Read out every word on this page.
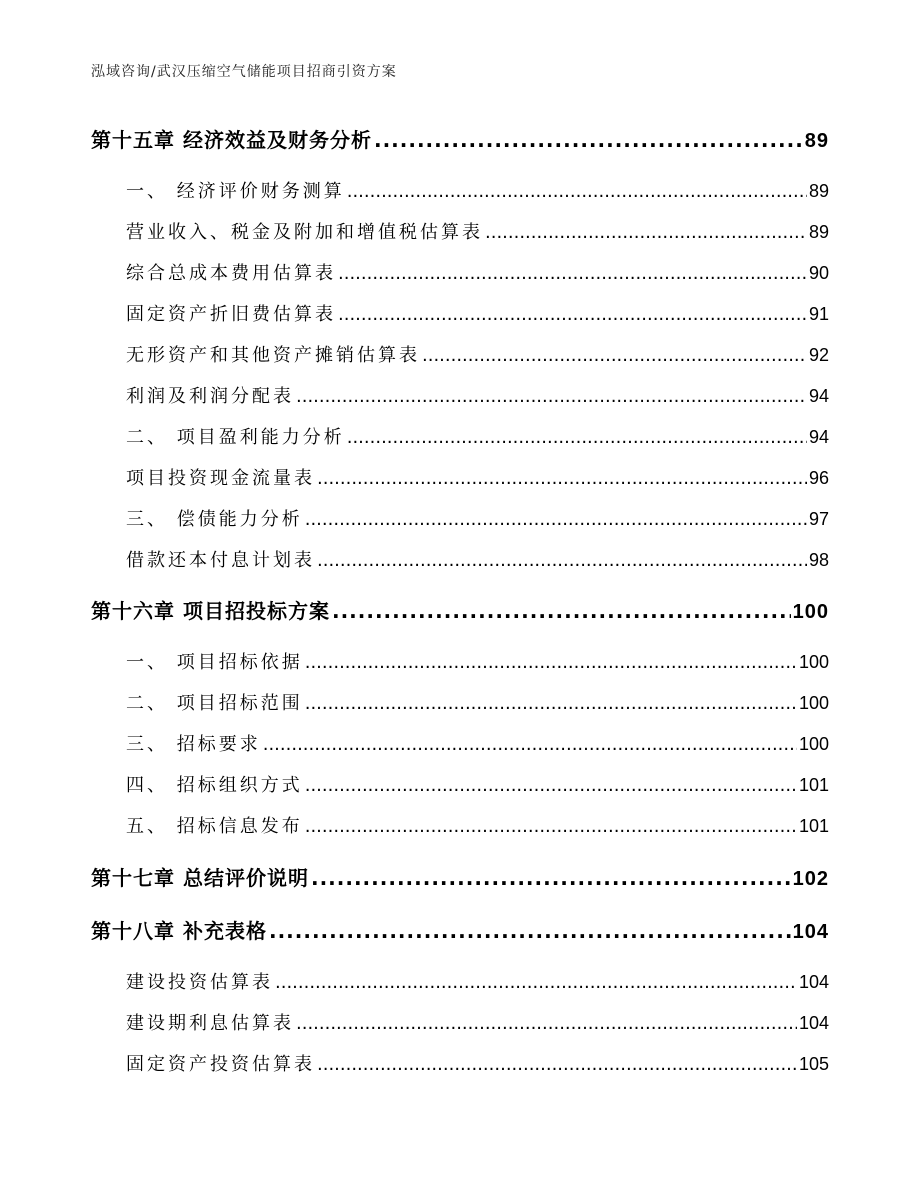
泓域咨询/武汉压缩空气储能项目招商引资方案
第十五章 经济效益及财务分析 .....	89
一、 经济评价财务测算 .....	89
营业收入、税金及附加和增值税估算表 .....	89
综合总成本费用估算表 .....	90
固定资产折旧费估算表 .....	91
无形资产和其他资产摊销估算表 .....	92
利润及利润分配表 .....	94
二、 项目盈利能力分析 .....	94
项目投资现金流量表 .....	96
三、 偿债能力分析 .....	97
借款还本付息计划表 .....	98
第十六章 项目招投标方案 .....	100
一、 项目招标依据 .....	100
二、 项目招标范围 .....	100
三、 招标要求 .....	100
四、 招标组织方式 .....	101
五、 招标信息发布 .....	101
第十七章 总结评价说明 .....	102
第十八章 补充表格 .....	104
建设投资估算表 .....	104
建设期利息估算表 .....	104
固定资产投资估算表 .....	105
